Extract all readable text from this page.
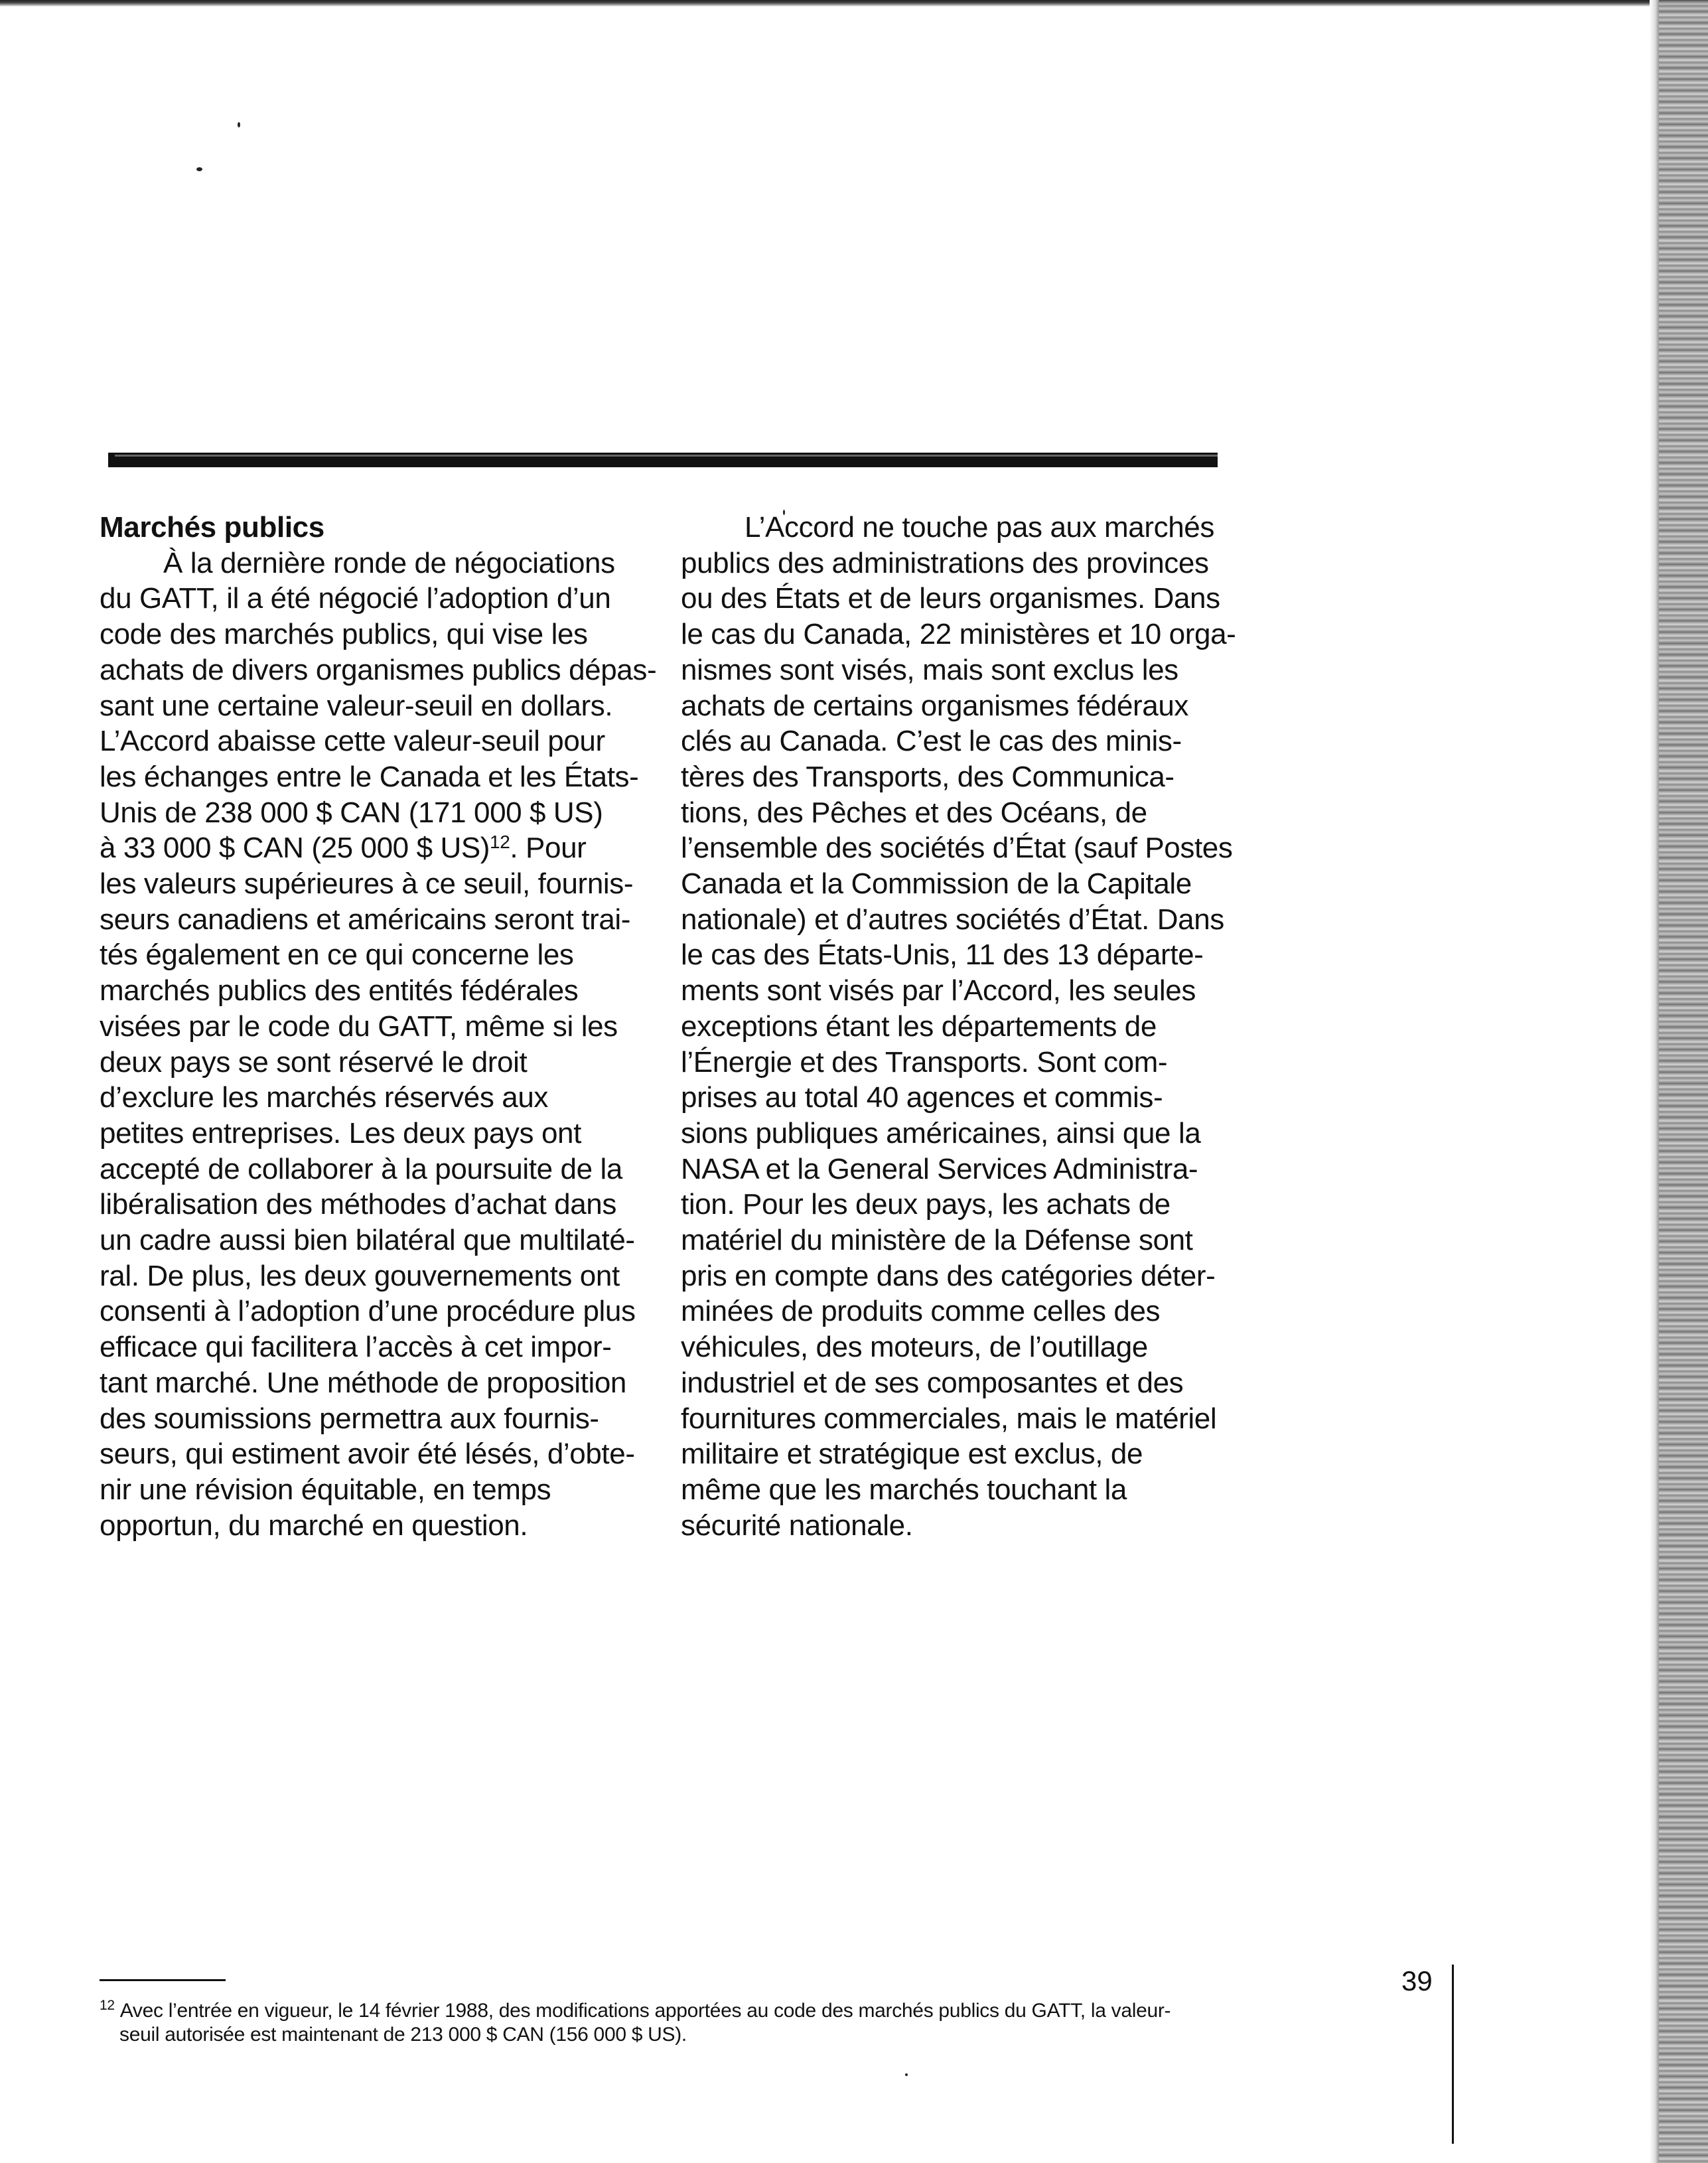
Marchés publics
À la dernière ronde de négociations
du GATT, il a été négocié l’adoption d’un
code des marchés publics, qui vise les
achats de divers organismes publics dépas-
sant une certaine valeur-seuil en dollars.
L’Accord abaisse cette valeur-seuil pour
les échanges entre le Canada et les États-
Unis de 238 000 $ CAN (171 000 $ US)
à 33 000 $ CAN (25 000 $ US)$^{12}$. Pour
les valeurs supérieures à ce seuil, fournis-
seurs canadiens et américains seront trai-
tés également en ce qui concerne les
marchés publics des entités fédérales
visées par le code du GATT, même si les
deux pays se sont réservé le droit
d’exclure les marchés réservés aux
petites entreprises. Les deux pays ont
accepté de collaborer à la poursuite de la
libéralisation des méthodes d’achat dans
un cadre aussi bien bilatéral que multilaté-
ral. De plus, les deux gouvernements ont
consenti à l’adoption d’une procédure plus
efficace qui facilitera l’accès à cet impor-
tant marché. Une méthode de proposition
des soumissions permettra aux fournis-
seurs, qui estiment avoir été lésés, d’obte-
nir une révision équitable, en temps
opportun, du marché en question.
L’Accord ne touche pas aux marchés
publics des administrations des provinces
ou des États et de leurs organismes. Dans
le cas du Canada, 22 ministères et 10 orga-
nismes sont visés, mais sont exclus les
achats de certains organismes fédéraux
clés au Canada. C’est le cas des minis-
tères des Transports, des Communica-
tions, des Pêches et des Océans, de
l’ensemble des sociétés d’État (sauf Postes
Canada et la Commission de la Capitale
nationale) et d’autres sociétés d’État. Dans
le cas des États-Unis, 11 des 13 départe-
ments sont visés par l’Accord, les seules
exceptions étant les départements de
l’Énergie et des Transports. Sont com-
prises au total 40 agences et commis-
sions publiques américaines, ainsi que la
NASA et la General Services Administra-
tion. Pour les deux pays, les achats de
matériel du ministère de la Défense sont
pris en compte dans des catégories déter-
minées de produits comme celles des
véhicules, des moteurs, de l’outillage
industriel et de ses composantes et des
fournitures commerciales, mais le matériel
militaire et stratégique est exclus, de
même que les marchés touchant la
sécurité nationale.
$^{12}$ Avec l’entrée en vigueur, le 14 février 1988, des modifications apportées au code des marchés publics du GATT, la valeur-
seuil autorisée est maintenant de 213 000 $ CAN (156 000 $ US).
39
